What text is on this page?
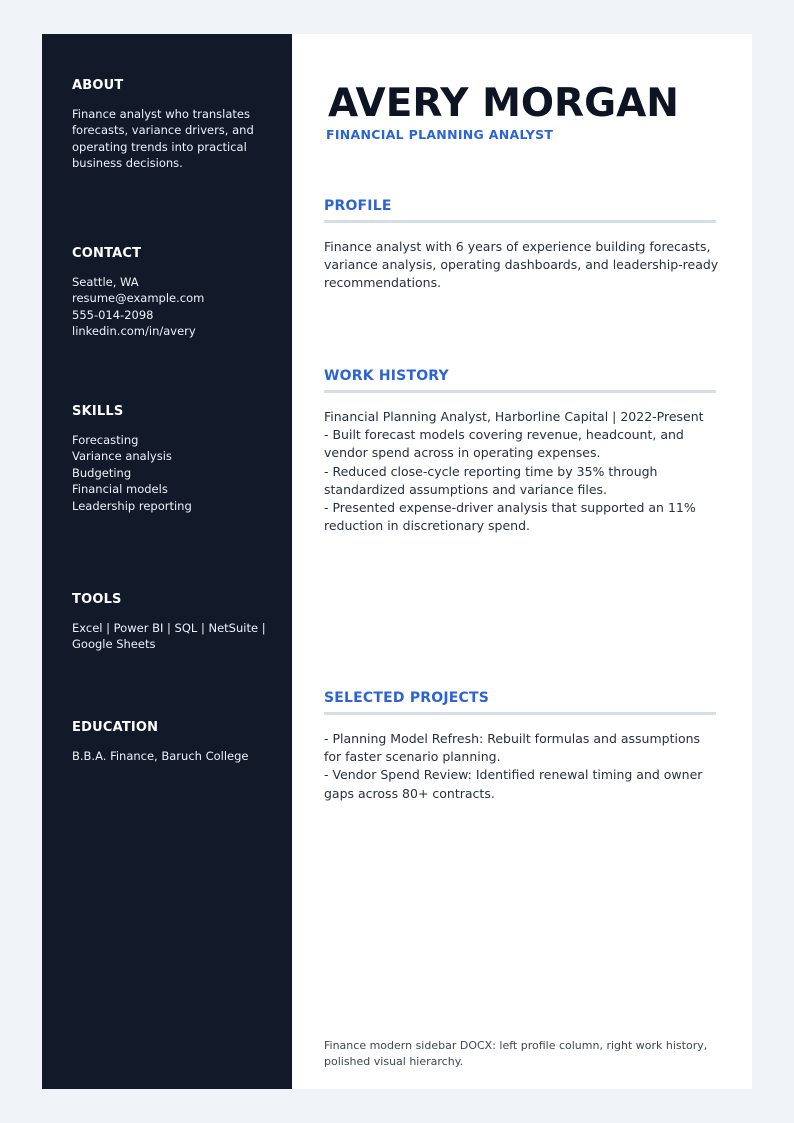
ABOUT
Finance analyst who translates
forecasts, variance drivers, and
operating trends into practical
business decisions.
CONTACT
Seattle, WA
resume@example.com
555-014-2098
linkedin.com/in/avery
SKILLS
Forecasting
Variance analysis
Budgeting
Financial models
Leadership reporting
TOOLS
Excel | Power BI | SQL | NetSuite |
Google Sheets
EDUCATION
B.B.A. Finance, Baruch College
AVERY MORGAN
FINANCIAL PLANNING ANALYST
PROFILE
Finance analyst with 6 years of experience building forecasts,
variance analysis, operating dashboards, and leadership-ready
recommendations.
WORK HISTORY
Financial Planning Analyst, Harborline Capital | 2022-Present
- Built forecast models covering revenue, headcount, and
vendor spend across in operating expenses.
- Reduced close-cycle reporting time by 35% through
standardized assumptions and variance files.
- Presented expense-driver analysis that supported an 11%
reduction in discretionary spend.
SELECTED PROJECTS
- Planning Model Refresh: Rebuilt formulas and assumptions
for faster scenario planning.
- Vendor Spend Review: Identified renewal timing and owner
gaps across 80+ contracts.
Finance modern sidebar DOCX: left profile column, right work history,
polished visual hierarchy.
